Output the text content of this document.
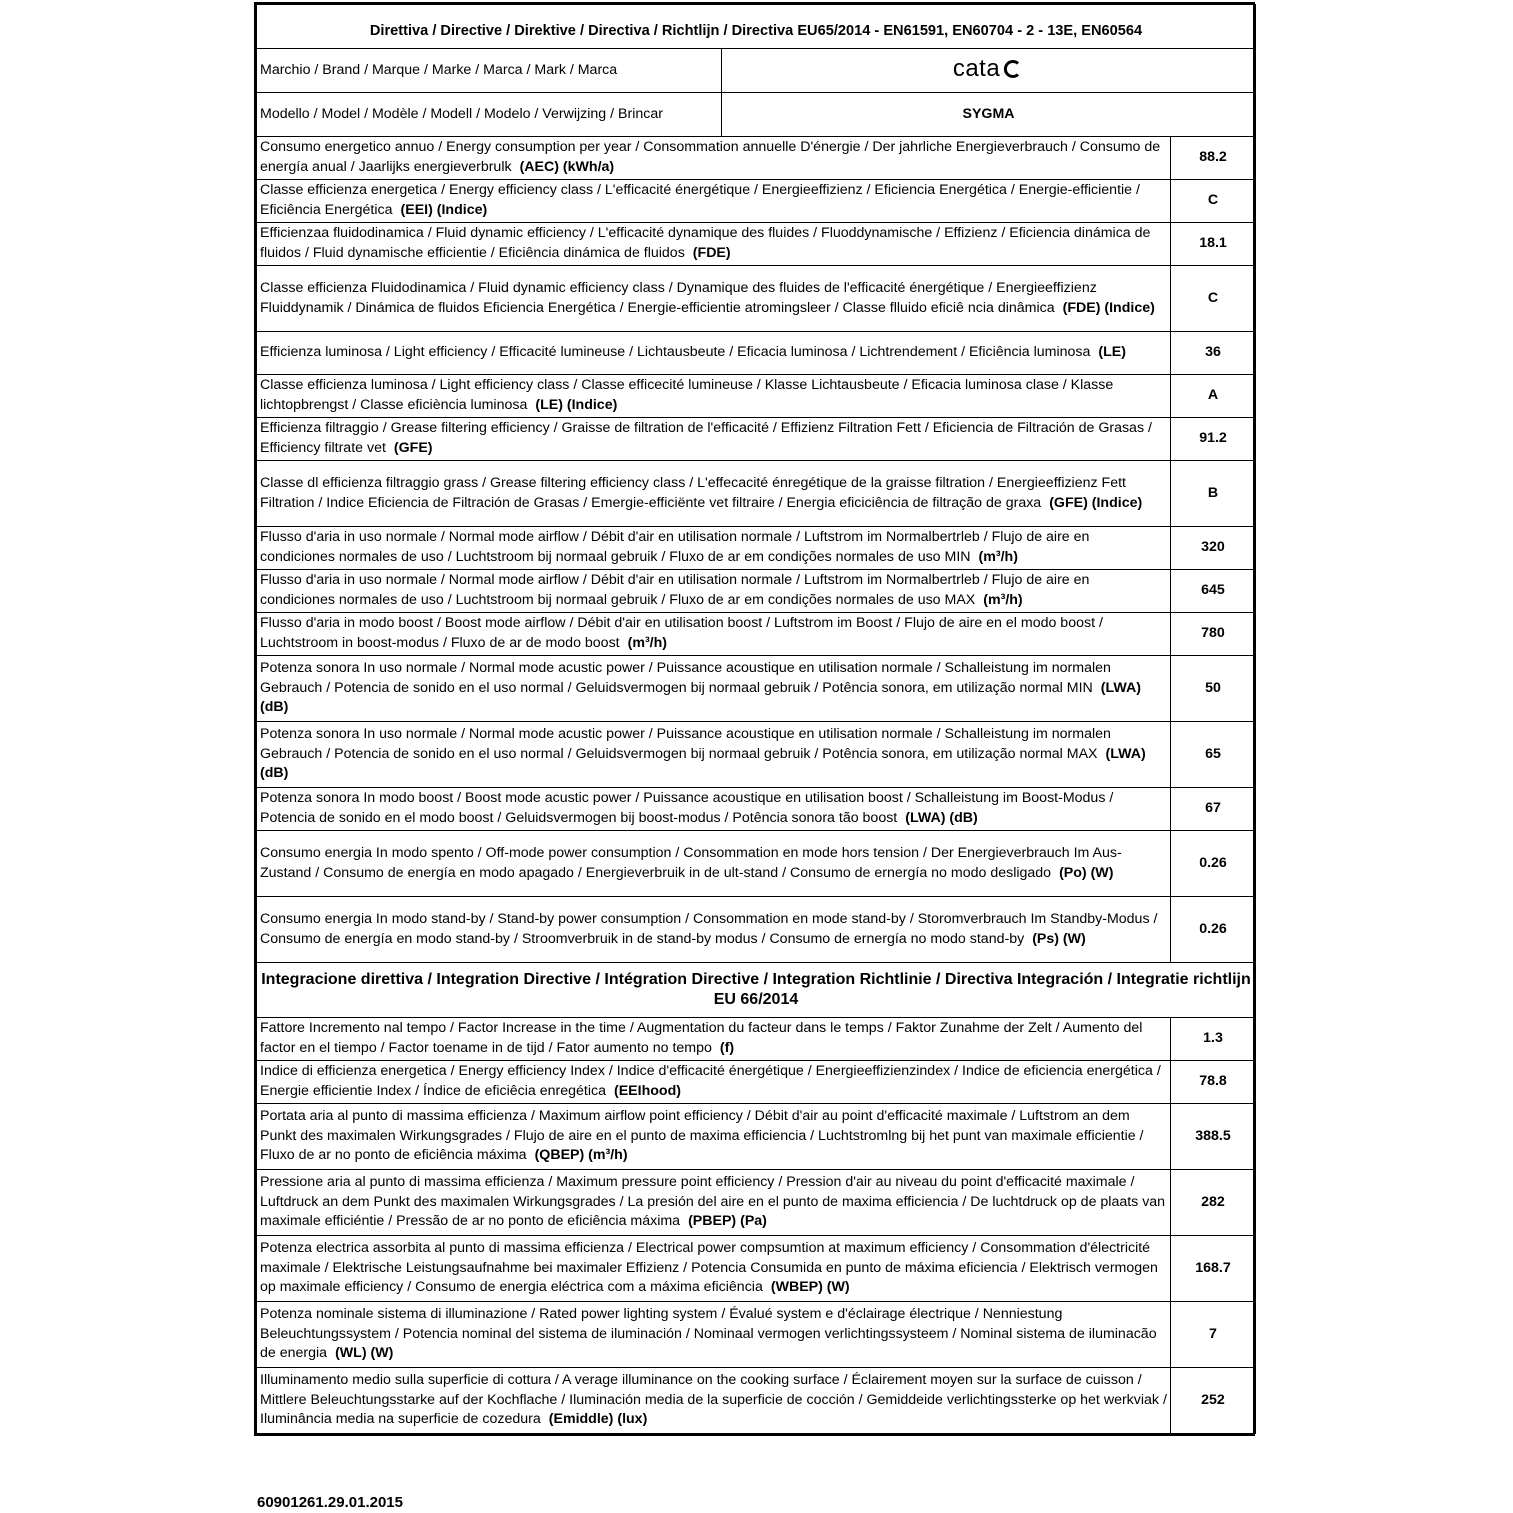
Direttiva / Directive / Direktive / Directiva / Richtlijn / Directiva EU65/2014 - EN61591, EN60704 - 2 - 13E, EN60564		
Marchio / Brand / Marque / Marke / Marca / Mark / Marca	cata	

Modello / Model / Modèle / Modell / Modelo / Verwijzing / Brincar	SYGMA	
Consumo energetico annuo / Energy consumption per year / Consommation annuelle D'énergie / Der jahrliche Energieverbrauch / Consumo de energía anual / Jaarlijks energieverbrulk (AEC) (kWh/a)		88.2
Classe efficienza energetica / Energy efficiency class / L'efficacité énergétique / Energieeffizienz / Eficiencia Energética / Energie-efficientie / Eficiência Energética (EEI) (Indice)		C
Efficienzaa fluidodinamica / Fluid dynamic efficiency / L'efficacité dynamique des fluides / Fluoddynamische / Effizienz / Eficiencia dinámica de fluidos / Fluid dynamische efficientie / Eficiência dinámica de fluidos (FDE)		18.1
Classe efficienza Fluidodinamica / Fluid dynamic efficiency class / Dynamique des fluides de l'efficacité énergétique / Energieeffizienz Fluiddynamik / Dinámica de fluidos Eficiencia Energética / Energie-efficientie atromingsleer / Classe flluido eficiê ncia dinâmica (FDE) (Indice)		C
Efficienza luminosa / Light efficiency / Efficacité lumineuse / Lichtausbeute / Eficacia luminosa / Lichtrendement / Eficiência luminosa (LE)		36
Classe efficienza luminosa / Light efficiency class / Classe efficecité lumineuse / Klasse Lichtausbeute / Eficacia luminosa clase / Klasse lichtopbrengst / Classe eficiència luminosa (LE) (Indice)		A
Efficienza filtraggio / Grease filtering efficiency / Graisse de filtration de l'efficacité / Effizienz Filtration Fett / Eficiencia de Filtración de Grasas / Efficiency filtrate vet (GFE)		91.2
Classe dl efficienza filtraggio grass / Grease filtering efficiency class / L'effecacité énregétique de la graisse filtration / Energieeffizienz Fett Filtration / Indice Eficiencia de Filtración de Grasas / Emergie-efficiënte vet filtraire / Energia eficiciência de filtração de graxa (GFE) (Indice)		B
Flusso d'aria in uso normale / Normal mode airflow / Débit d'air en utilisation normale / Luftstrom im Normalbertrleb / Flujo de aire en condiciones normales de uso / Luchtstroom bij normaal gebruik / Fluxo de ar em condições normales de uso MIN (m³/h)		320
Flusso d'aria in uso normale / Normal mode airflow / Débit d'air en utilisation normale / Luftstrom im Normalbertrleb / Flujo de aire en condiciones normales de uso / Luchtstroom bij normaal gebruik / Fluxo de ar em condições normales de uso MAX (m³/h)		645
Flusso d'aria in modo boost / Boost mode airflow / Débit d'air en utilisation boost / Luftstrom im Boost / Flujo de aire en el modo boost / Luchtstroom in boost-modus / Fluxo de ar de modo boost (m³/h)		780
Potenza sonora In uso normale / Normal mode acustic power / Puissance acoustique en utilisation normale / Schalleistung im normalen Gebrauch / Potencia de sonido en el uso normal / Geluidsvermogen bij normaal gebruik / Potência sonora, em utilização normal MIN (LWA) (dB)		50
Potenza sonora In uso normale / Normal mode acustic power / Puissance acoustique en utilisation normale / Schalleistung im normalen Gebrauch / Potencia de sonido en el uso normal / Geluidsvermogen bij normaal gebruik / Potência sonora, em utilização normal MAX (LWA) (dB)		65
Potenza sonora In modo boost / Boost mode acustic power / Puissance acoustique en utilisation boost / Schalleistung im Boost-Modus / Potencia de sonido en el modo boost / Geluidsvermogen bij boost-modus / Potência sonora tão boost (LWA) (dB)		67
Consumo energia In modo spento / Off-mode power consumption / Consommation en mode hors tension / Der Energieverbrauch Im Aus-Zustand / Consumo de energía en modo apagado / Energieverbruik in de ult-stand / Consumo de ernergía no modo desligado (Po) (W)		0.26
Consumo energia In modo stand-by / Stand-by power consumption / Consommation en mode stand-by / Storomverbrauch Im Standby-Modus / Consumo de energía en modo stand-by / Stroomverbruik in de stand-by modus / Consumo de ernergía no modo stand-by (Ps) (W)		0.26
Integracione direttiva / Integration Directive / Intégration Directive / Integration Richtlinie / Directiva Integración / Integratie richtlijn EU 66/2014		
Fattore Incremento nal tempo / Factor Increase in the time / Augmentation du facteur dans le temps / Faktor Zunahme der Zelt / Aumento del factor en el tiempo / Factor toename in de tijd / Fator aumento no tempo (f)		1.3
Indice di efficienza energetica / Energy efficiency Index / Indice d'efficacité énergétique / Energieeffizienzindex / Indice de eficiencia energética / Energie efficientie Index / Índice de eficiêcia enregética (EEIhood)		78.8
Portata aria al punto di massima efficienza / Maximum airflow point efficiency / Débit d'air au point d'efficacité maximale / Luftstrom an dem Punkt des maximalen Wirkungsgrades / Flujo de aire en el punto de maxima efficiencia / Luchtstromlng bij het punt van maximale efficientie / Fluxo de ar no ponto de eficiência máxima (QBEP) (m³/h)		388.5
Pressione aria al punto di massima efficienza / Maximum pressure point efficiency / Pression d'air au niveau du point d'efficacité maximale / Luftdruck an dem Punkt des maximalen Wirkungsgrades / La presión del aire en el punto de maxima efficiencia / De luchtdruck op de plaats van maximale efficiéntie / Pressão de ar no ponto de eficiência máxima (PBEP) (Pa)		282
Potenza electrica assorbita al punto di massima efficienza / Electrical power compsumtion at maximum efficiency / Consommation d'électricité maximale / Elektrische Leistungsaufnahme bei maximaler Effizienz / Potencia Consumida en punto de máxima eficiencia / Elektrisch vermogen op maximale efficiency / Consumo de energia eléctrica com a máxima eficiência (WBEP) (W)		168.7
Potenza nominale sistema di illuminazione / Rated power lighting system / Évalué system e d'éclairage électrique / Nenniestung Beleuchtungssystem / Potencia nominal del sistema de iluminación / Nominaal vermogen verlichtingssysteem / Nominal sistema de iluminacão de energia (WL) (W)		7
Illuminamento medio sulla superficie di cottura / A verage illuminance on the cooking surface / Éclairement moyen sur la surface de cuisson / Mittlere Beleuchtungsstarke auf der Kochflache / Iluminación media de la superficie de cocción / Gemiddeide verlichtingssterke op het werkviak / Iluminância media na superficie de cozedura (Emiddle) (lux)		252
60901261.29.01.2015
